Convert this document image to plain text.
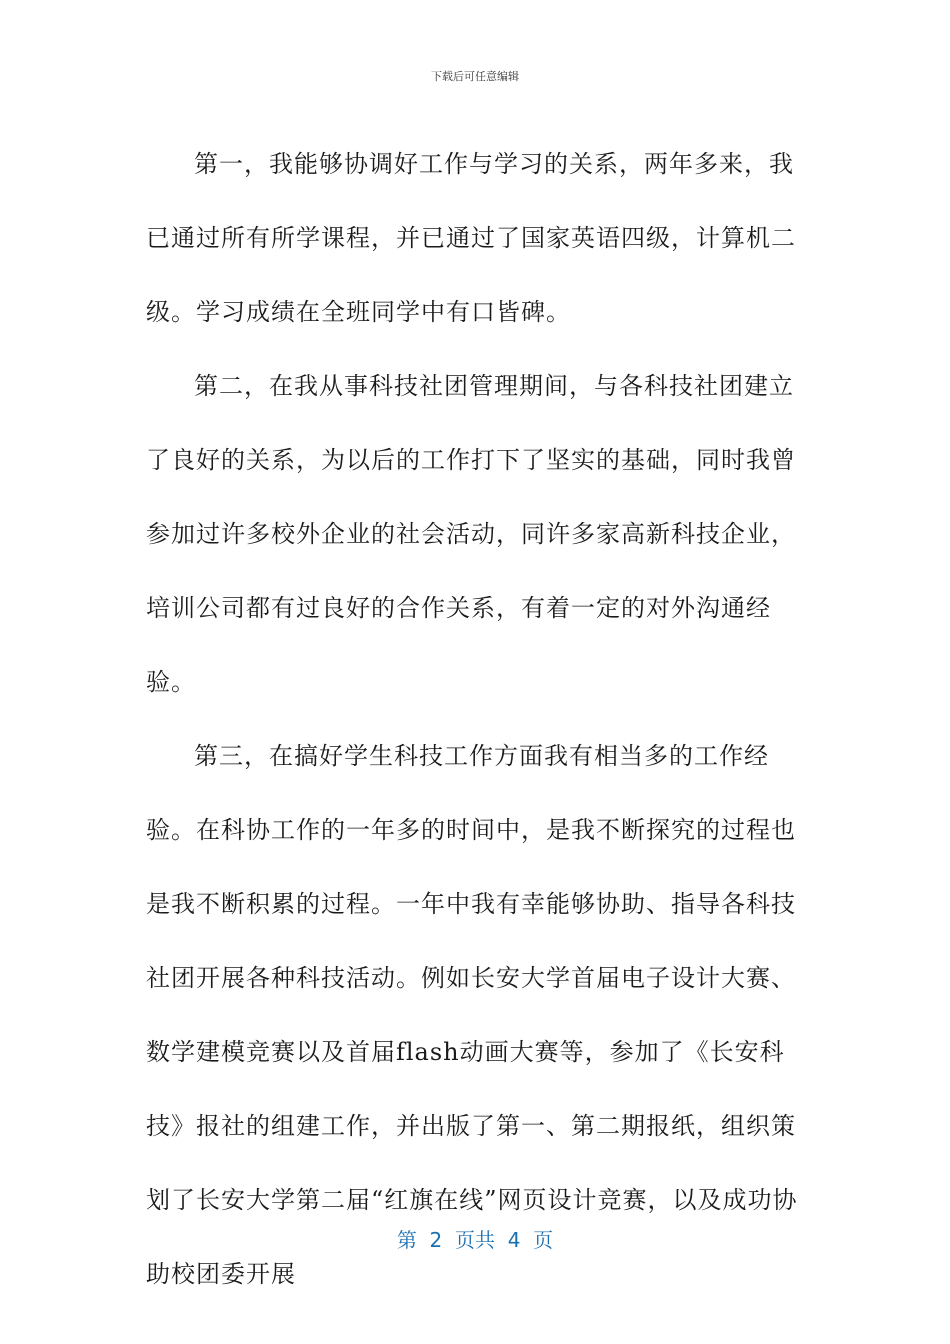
下载后可任意编辑

第一，我能够协调好工作与学习的关系，两年多来，我已通过所有所学课程，并已通过了国家英语四级，计算机二级。学习成绩在全班同学中有口皆碑。

第二，在我从事科技社团管理期间，与各科技社团建立了良好的关系，为以后的工作打下了坚实的基础，同时我曾参加过许多校外企业的社会活动，同许多家高新科技企业，培训公司都有过良好的合作关系，有着一定的对外沟通经验。

第三，在搞好学生科技工作方面我有相当多的工作经验。在科协工作的一年多的时间中，是我不断探究的过程也是我不断积累的过程。一年中我有幸能够协助、指导各科技社团开展各种科技活动。例如长安大学首届电子设计大赛、数学建模竞赛以及首届flash动画大赛等，参加了《长安科技》报社的组建工作，并出版了第一、第二期报纸，组织策划了长安大学第二届“红旗在线”网页设计竞赛，以及成功协助校团委开展

第  2  页共  4  页
